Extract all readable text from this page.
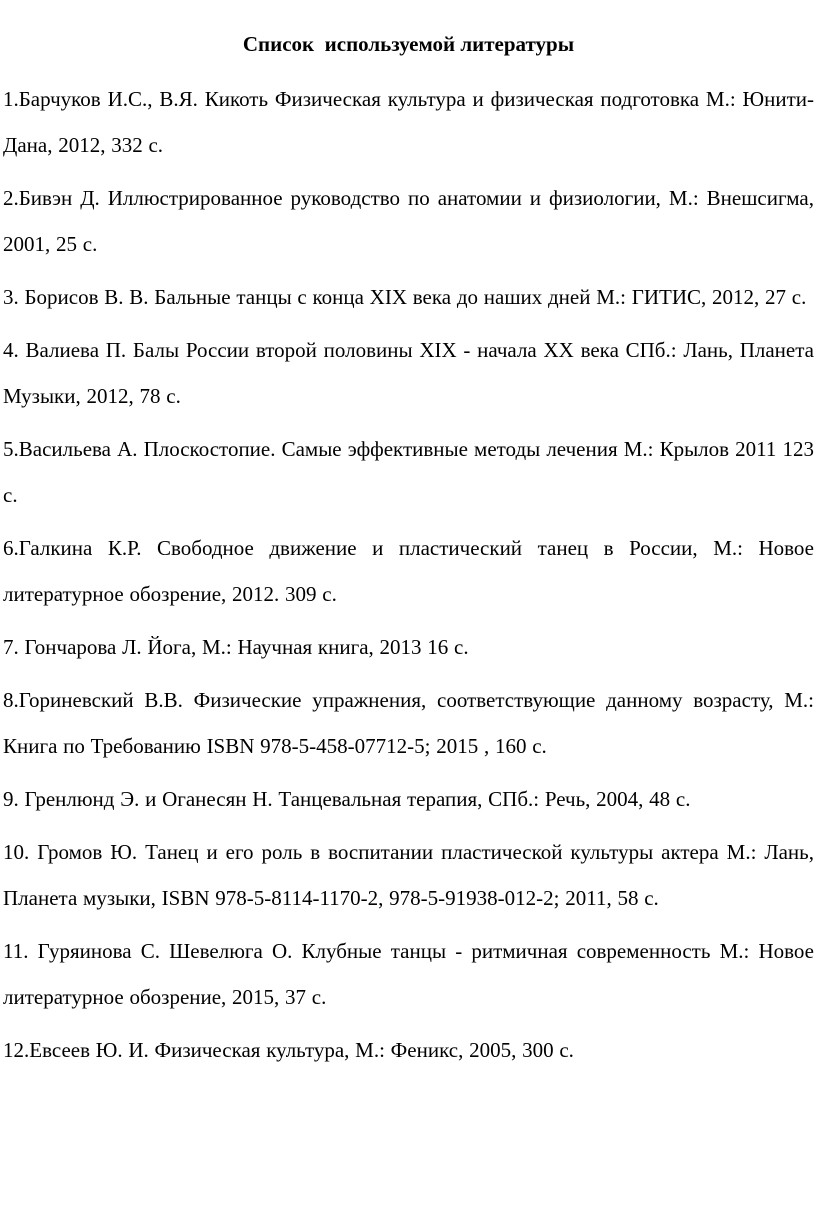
Список  используемой литературы
1.Барчуков И.С., В.Я. Кикоть Физическая культура и физическая подготовка М.: Юнити-Дана, 2012, 332 с.
2.Бивэн Д. Иллюстрированное руководство по анатомии и физиологии, М.: Внешсигма, 2001, 25 с.
3. Борисов В. В. Бальные танцы с конца XIX века до наших дней М.: ГИТИС, 2012, 27 с.
4. Валиева П. Балы России второй половины XIX - начала XX века СПб.: Лань, Планета Музыки, 2012, 78 с.
5.Васильева А. Плоскостопие. Самые эффективные методы лечения М.: Крылов 2011 123 с.
6.Галкина К.Р. Свободное движение и пластический танец в России, М.: Новое литературное обозрение, 2012. 309 с.
7. Гончарова Л. Йога, М.: Научная книга, 2013 16 с.
8.Гориневский В.В. Физические упражнения, соответствующие данному возрасту, М.: Книга по Требованию ISBN 978-5-458-07712-5; 2015 , 160 с.
9. Гренлюнд Э. и Оганесян Н. Танцевальная терапия, СПб.: Речь, 2004, 48 с.
10. Громов Ю. Танец и его роль в воспитании пластической культуры актера М.: Лань, Планета музыки, ISBN 978-5-8114-1170-2, 978-5-91938-012-2; 2011, 58 с.
11. Гуряинова С. Шевелюга О. Клубные танцы - ритмичная современность М.: Новое литературное обозрение, 2015, 37 с.
12.Евсеев Ю. И. Физическая культура, М.: Феникс, 2005, 300 с.
